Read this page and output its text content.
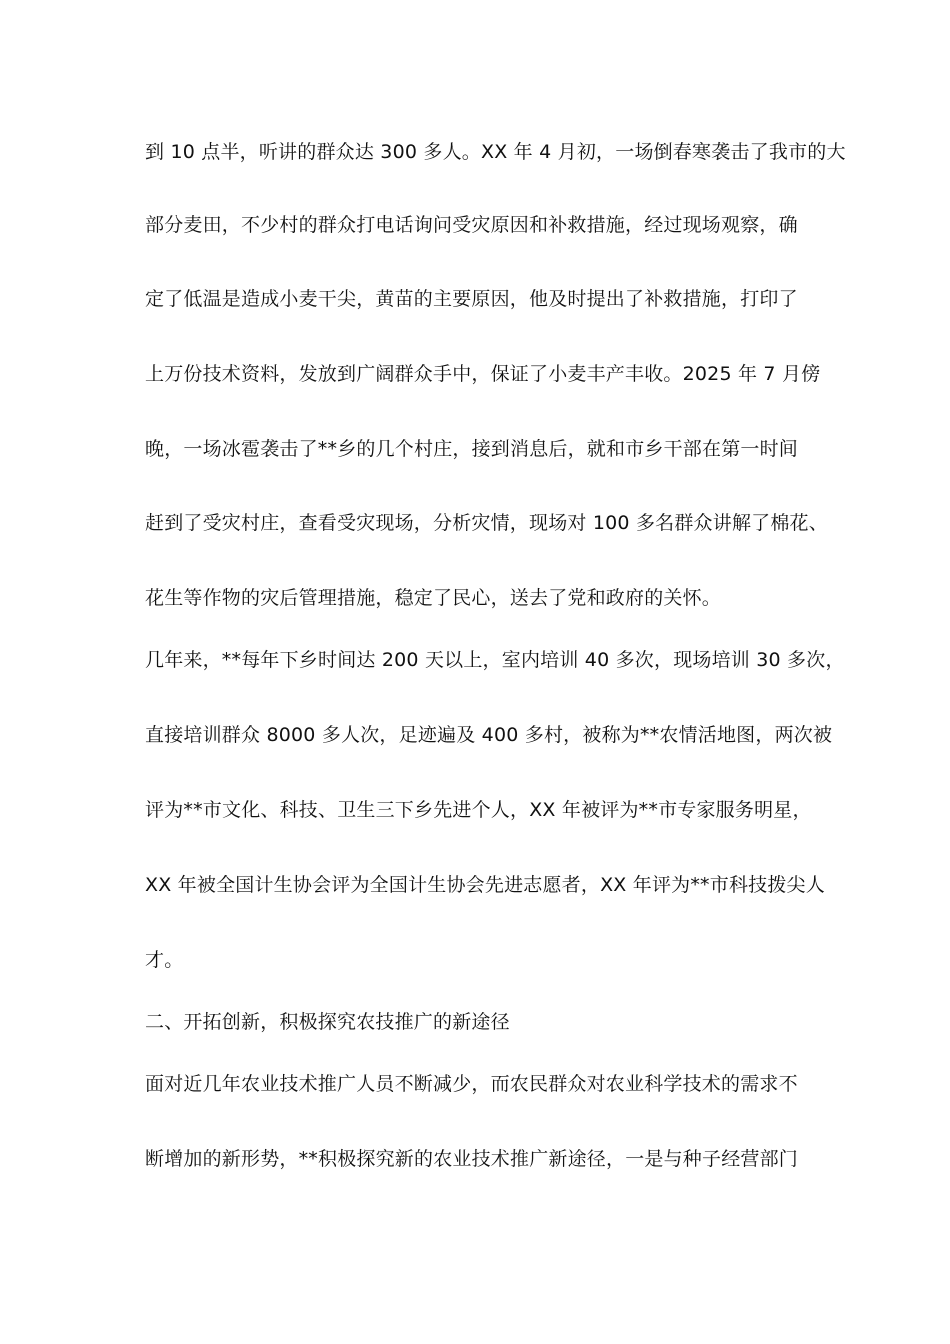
到 10 点半，听讲的群众达 300 多人。XX 年 4 月初，一场倒春寒袭击了我市的大
部分麦田，不少村的群众打电话询问受灾原因和补救措施，经过现场观察，确
定了低温是造成小麦干尖，黄苗的主要原因，他及时提出了补救措施，打印了
上万份技术资料，发放到广阔群众手中，保证了小麦丰产丰收。2025 年 7 月傍
晚，一场冰雹袭击了**乡的几个村庄，接到消息后，就和市乡干部在第一时间
赶到了受灾村庄，查看受灾现场，分析灾情，现场对 100 多名群众讲解了棉花、
花生等作物的灾后管理措施，稳定了民心，送去了党和政府的关怀。
几年来，**每年下乡时间达 200 天以上，室内培训 40 多次，现场培训 30 多次，
直接培训群众 8000 多人次，足迹遍及 400 多村，被称为**农情活地图，两次被
评为**市文化、科技、卫生三下乡先进个人，XX 年被评为**市专家服务明星，
XX 年被全国计生协会评为全国计生协会先进志愿者，XX 年评为**市科技拨尖人
才。
二、开拓创新，积极探究农技推广的新途径
面对近几年农业技术推广人员不断减少，而农民群众对农业科学技术的需求不
断增加的新形势，**积极探究新的农业技术推广新途径，一是与种子经营部门
